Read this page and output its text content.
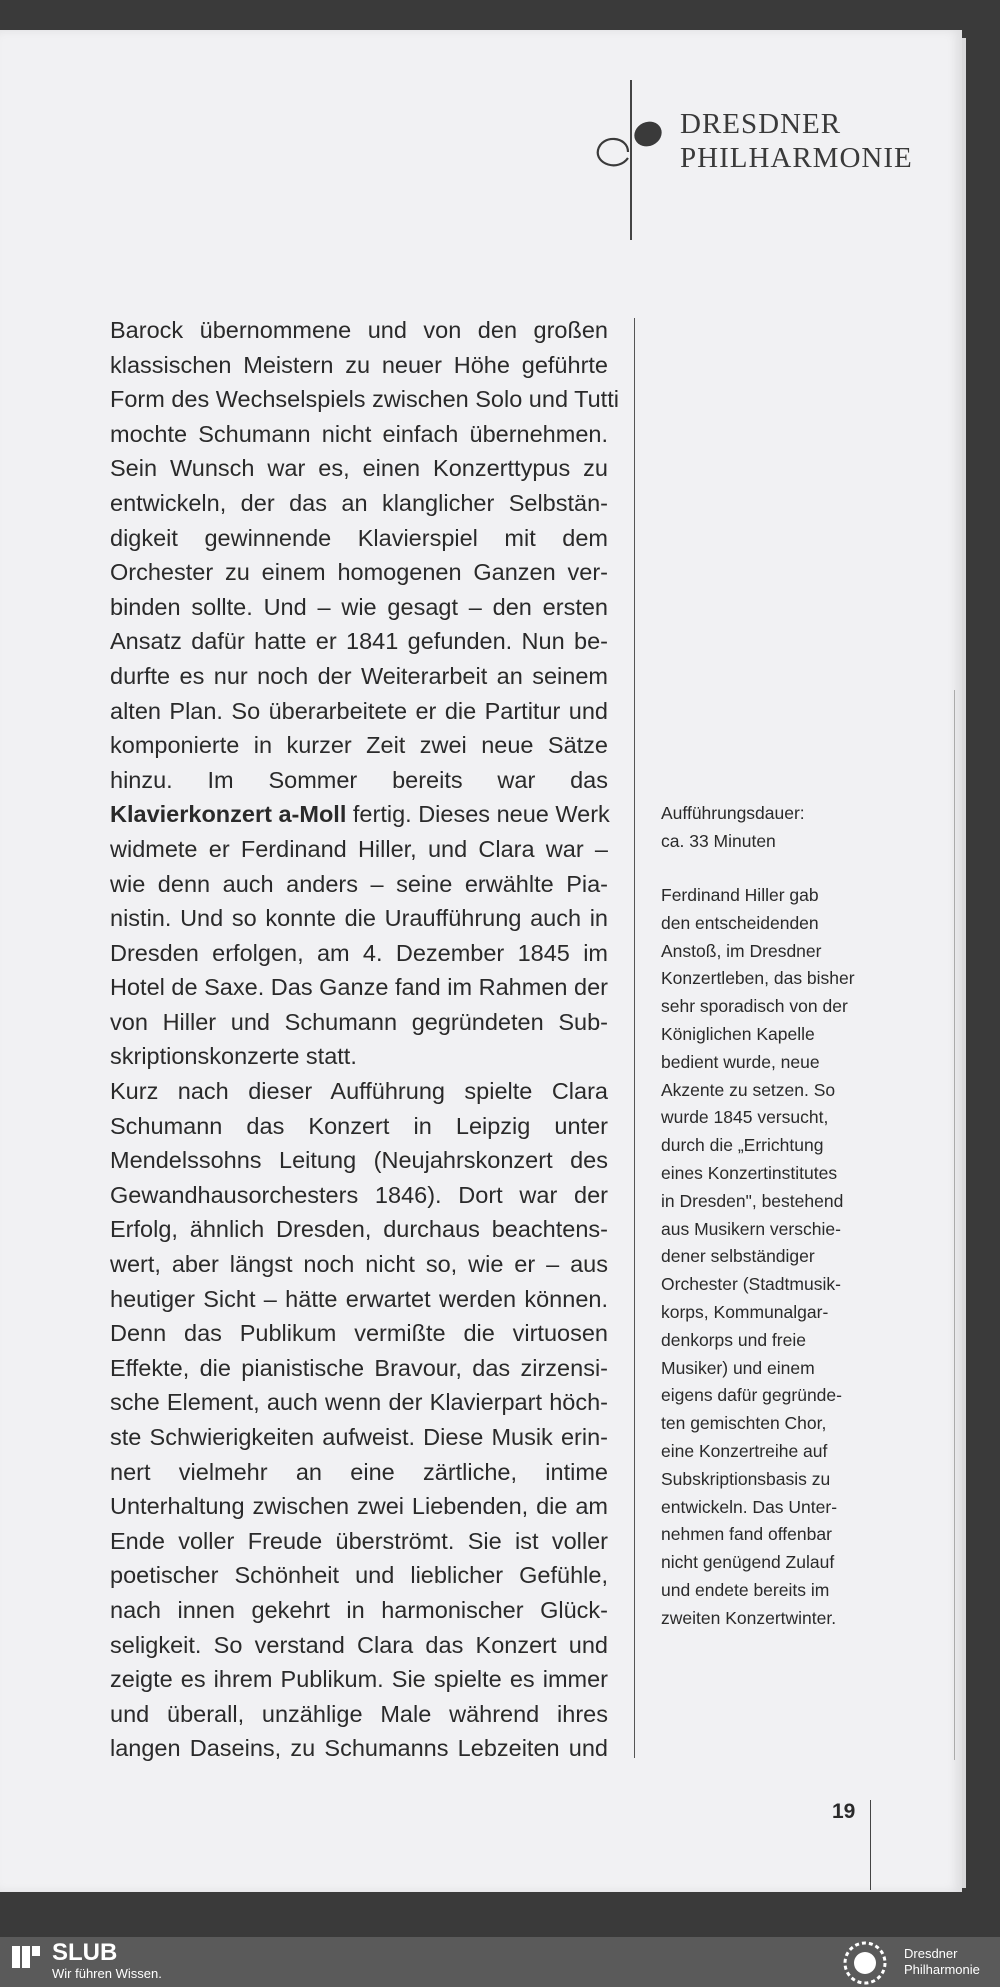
DRESDNER
PHILHARMONIE
Barock übernommene und von den großen
klassischen Meistern zu neuer Höhe geführte
Form des Wechselspiels zwischen Solo und Tutti
mochte Schumann nicht einfach übernehmen.
Sein Wunsch war es, einen Konzerttypus zu
entwickeln, der das an klanglicher Selbstän-
digkeit gewinnende Klavierspiel mit dem
Orchester zu einem homogenen Ganzen ver-
binden sollte. Und – wie gesagt – den ersten
Ansatz dafür hatte er 1841 gefunden. Nun be-
durfte es nur noch der Weiterarbeit an seinem
alten Plan. So überarbeitete er die Partitur und
komponierte in kurzer Zeit zwei neue Sätze
hinzu. Im Sommer bereits war das
Klavierkonzert a-Moll fertig. Dieses neue Werk
widmete er Ferdinand Hiller, und Clara war –
wie denn auch anders – seine erwählte Pia-
nistin. Und so konnte die Uraufführung auch in
Dresden erfolgen, am 4. Dezember 1845 im
Hotel de Saxe. Das Ganze fand im Rahmen der
von Hiller und Schumann gegründeten Sub-
skriptionskonzerte statt.
Kurz nach dieser Aufführung spielte Clara
Schumann das Konzert in Leipzig unter
Mendelssohns Leitung (Neujahrskonzert des
Gewandhausorchesters 1846). Dort war der
Erfolg, ähnlich Dresden, durchaus beachtens-
wert, aber längst noch nicht so, wie er – aus
heutiger Sicht – hätte erwartet werden können.
Denn das Publikum vermißte die virtuosen
Effekte, die pianistische Bravour, das zirzensi-
sche Element, auch wenn der Klavierpart höch-
ste Schwierigkeiten aufweist. Diese Musik erin-
nert vielmehr an eine zärtliche, intime
Unterhaltung zwischen zwei Liebenden, die am
Ende voller Freude überströmt. Sie ist voller
poetischer Schönheit und lieblicher Gefühle,
nach innen gekehrt in harmonischer Glück-
seligkeit. So verstand Clara das Konzert und
zeigte es ihrem Publikum. Sie spielte es immer
und überall, unzählige Male während ihres
langen Daseins, zu Schumanns Lebzeiten und
Aufführungsdauer:
ca. 33 Minuten
Ferdinand Hiller gab
den entscheidenden
Anstoß, im Dresdner
Konzertleben, das bisher
sehr sporadisch von der
Königlichen Kapelle
bedient wurde, neue
Akzente zu setzen. So
wurde 1845 versucht,
durch die „Errichtung
eines Konzertinstitutes
in Dresden", bestehend
aus Musikern verschie-
dener selbständiger
Orchester (Stadtmusik-
korps, Kommunalgar-
denkorps und freie
Musiker) und einem
eigens dafür gegründe-
ten gemischten Chor,
eine Konzertreihe auf
Subskriptionsbasis zu
entwickeln. Das Unter-
nehmen fand offenbar
nicht genügend Zulauf
und endete bereits im
zweiten Konzertwinter.
19
SLUB
Wir führen Wissen.
Dresdner
Philharmonie
